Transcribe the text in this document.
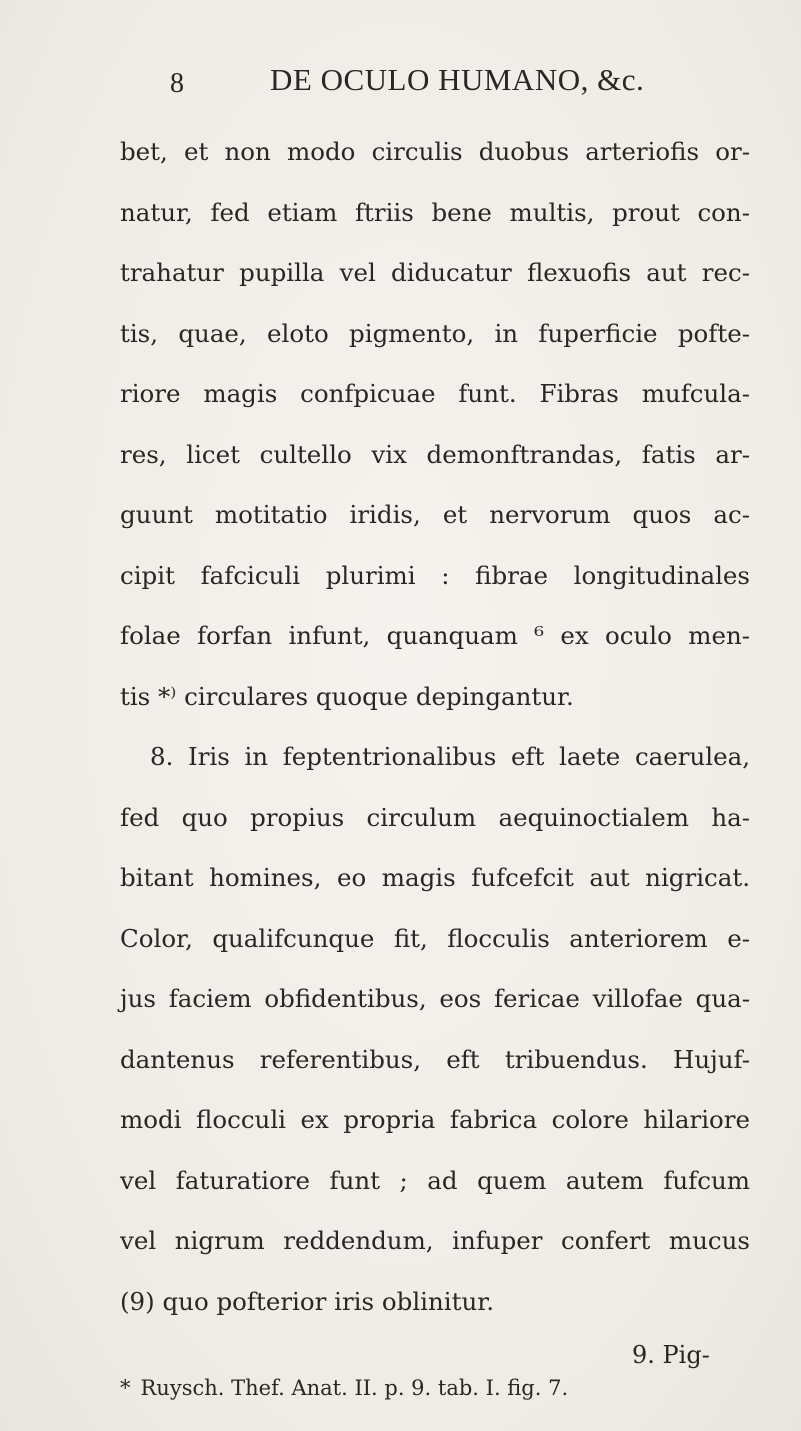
8	DE OCULO HUMANO, &c.
bet, et non modo circulis duobus arteriofis or-
natur, fed etiam ftriis bene multis, prout con-
trahatur pupilla vel diducatur flexuofis aut rec-
tis, quae, eloto pigmento, in fuperficie pofte-
riore magis confpicuae funt. Fibras mufcula-
res, licet cultello vix demonftrandas, fatis ar-
guunt motitatio iridis, et nervorum quos ac-
cipit fafciculi plurimi : fibrae longitudinales
folae forfan infunt, quanquam ⁶ ex oculo men-
tis *⁾ circulares quoque depingantur.
8. Iris in feptentrionalibus eft laete caerulea,
fed quo propius circulum aequinoctialem ha-
bitant homines, eo magis fufcefcit aut nigricat.
Color, qualifcunque fit, flocculis anteriorem e-
jus faciem obfidentibus, eos fericae villofae qua-
dantenus referentibus, eft tribuendus. Hujuf-
modi flocculi ex propria fabrica colore hilariore
vel faturatiore funt ; ad quem autem fufcum
vel nigrum reddendum, infuper confert mucus
(9) quo pofterior iris oblinitur.
9. Pig-
* Ruysch. Thef. Anat. II. p. 9. tab. I. fig. 7.
